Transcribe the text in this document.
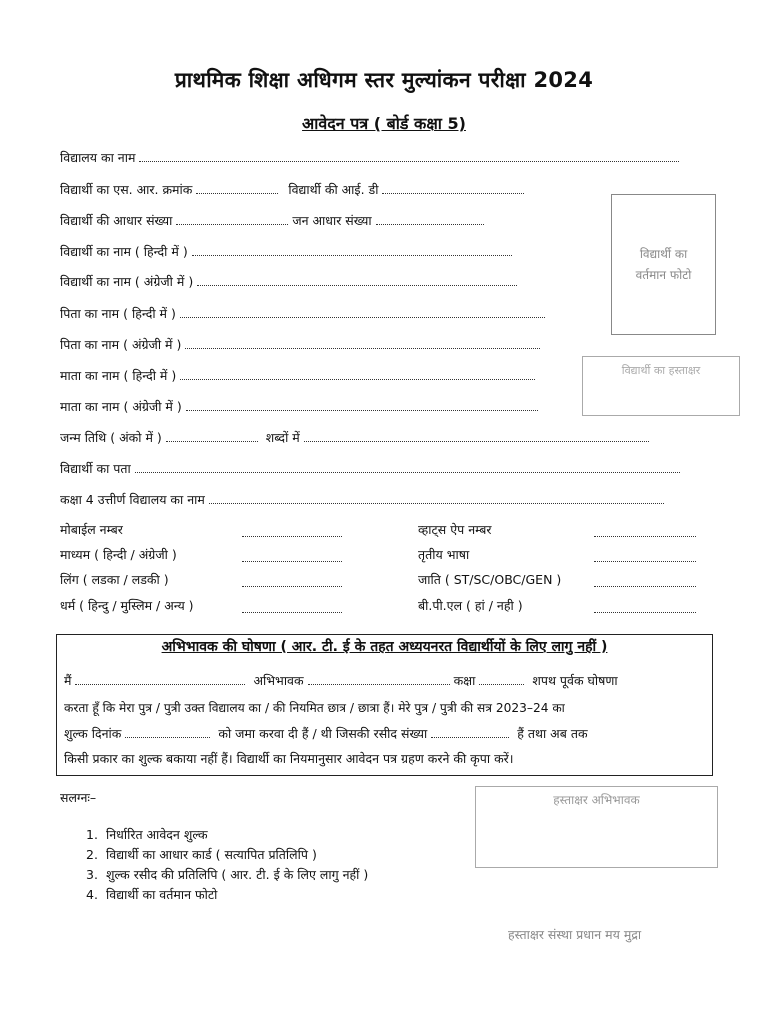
प्राथमिक शिक्षा अधिगम स्तर मुल्यांकन परीक्षा 2024
आवेदन पत्र ( बोर्ड कक्षा 5)
विद्यालय का नाम
विद्यार्थी का एस. आर. क्रमांक	विद्यार्थी की आई. डी
विद्यार्थी की आधार संख्या	जन आधार संख्या
विद्यार्थी का नाम ( हिन्दी में )
विद्यार्थी का नाम ( अंग्रेजी में )
पिता का नाम ( हिन्दी में )
पिता का नाम ( अंग्रेजी में )
माता का नाम ( हिन्दी में )
माता का नाम ( अंग्रेजी में )
जन्म तिथि ( अंको में )	शब्दों में
विद्यार्थी का पता
कक्षा 4 उत्तीर्ण विद्यालय का नाम
विद्यार्थी का वर्तमान फोटो
विद्यार्थी का हस्ताक्षर
मोबाईल नम्बर	व्हाट्स ऐप नम्बर
माध्यम ( हिन्दी / अंग्रेजी )	तृतीय भाषा
लिंग ( लडका / लडकी )	जाति ( ST/SC/OBC/GEN )
धर्म ( हिन्दु / मुस्लिम / अन्य )	बी.पी.एल ( हां / नही )
अभिभावक की घोषणा ( आर. टी. ई के तहत अध्ययनरत विद्यार्थीयों के लिए लागु नहीं )
मैं	अभिभावक	कक्षा	शपथ पूर्वक घोषणा
करता हूँ कि मेरा पुत्र / पुत्री उक्त विद्यालय का / की नियमित छात्र / छात्रा हैं। मेरे पुत्र / पुत्री की सत्र 2023–24 का
शुल्क दिनांक	को जमा करवा दी हैं / थी जिसकी रसीद संख्या	हैं तथा अब तक
किसी प्रकार का शुल्क बकाया नहीं हैं। विद्यार्थी का नियमानुसार आवेदन पत्र ग्रहण करने की कृपा करें।
सलग्नः–	हस्ताक्षर अभिभावक
1. निर्धारित आवेदन शुल्क
2. विद्यार्थी का आधार कार्ड ( सत्यापित प्रतिलिपि )
3. शुल्क रसीद की प्रतिलिपि ( आर. टी. ई के लिए लागु नहीं )
4. विद्यार्थी का वर्तमान फोटो
हस्ताक्षर संस्था प्रधान मय मुद्रा
